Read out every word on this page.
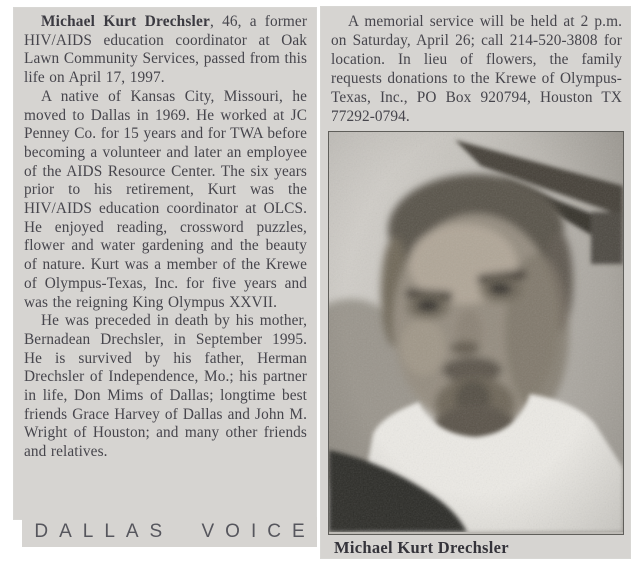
Michael Kurt Drechsler, 46, a former HIV/AIDS education coordinator at Oak Lawn Community Services, passed from this life on April 17, 1997.

A native of Kansas City, Missouri, he moved to Dallas in 1969. He worked at JC Penney Co. for 15 years and for TWA before becoming a volunteer and later an employee of the AIDS Resource Center. The six years prior to his retirement, Kurt was the HIV/AIDS education coordinator at OLCS. He enjoyed reading, crossword puzzles, flower and water gardening and the beauty of nature. Kurt was a member of the Krewe of Olympus-Texas, Inc. for five years and was the reigning King Olympus XXVII.

He was preceded in death by his mother, Bernadean Drechsler, in September 1995. He is survived by his father, Herman Drechsler of Independence, Mo.; his partner in life, Don Mims of Dallas; longtime best friends Grace Harvey of Dallas and John M. Wright of Houston; and many other friends and relatives.

DALLAS VOICE

A memorial service will be held at 2 p.m. on Saturday, April 26; call 214-520-3808 for location. In lieu of flowers, the family requests donations to the Krewe of Olympus-Texas, Inc., PO Box 920794, Houston TX 77292-0794.

Michael Kurt Drechsler
